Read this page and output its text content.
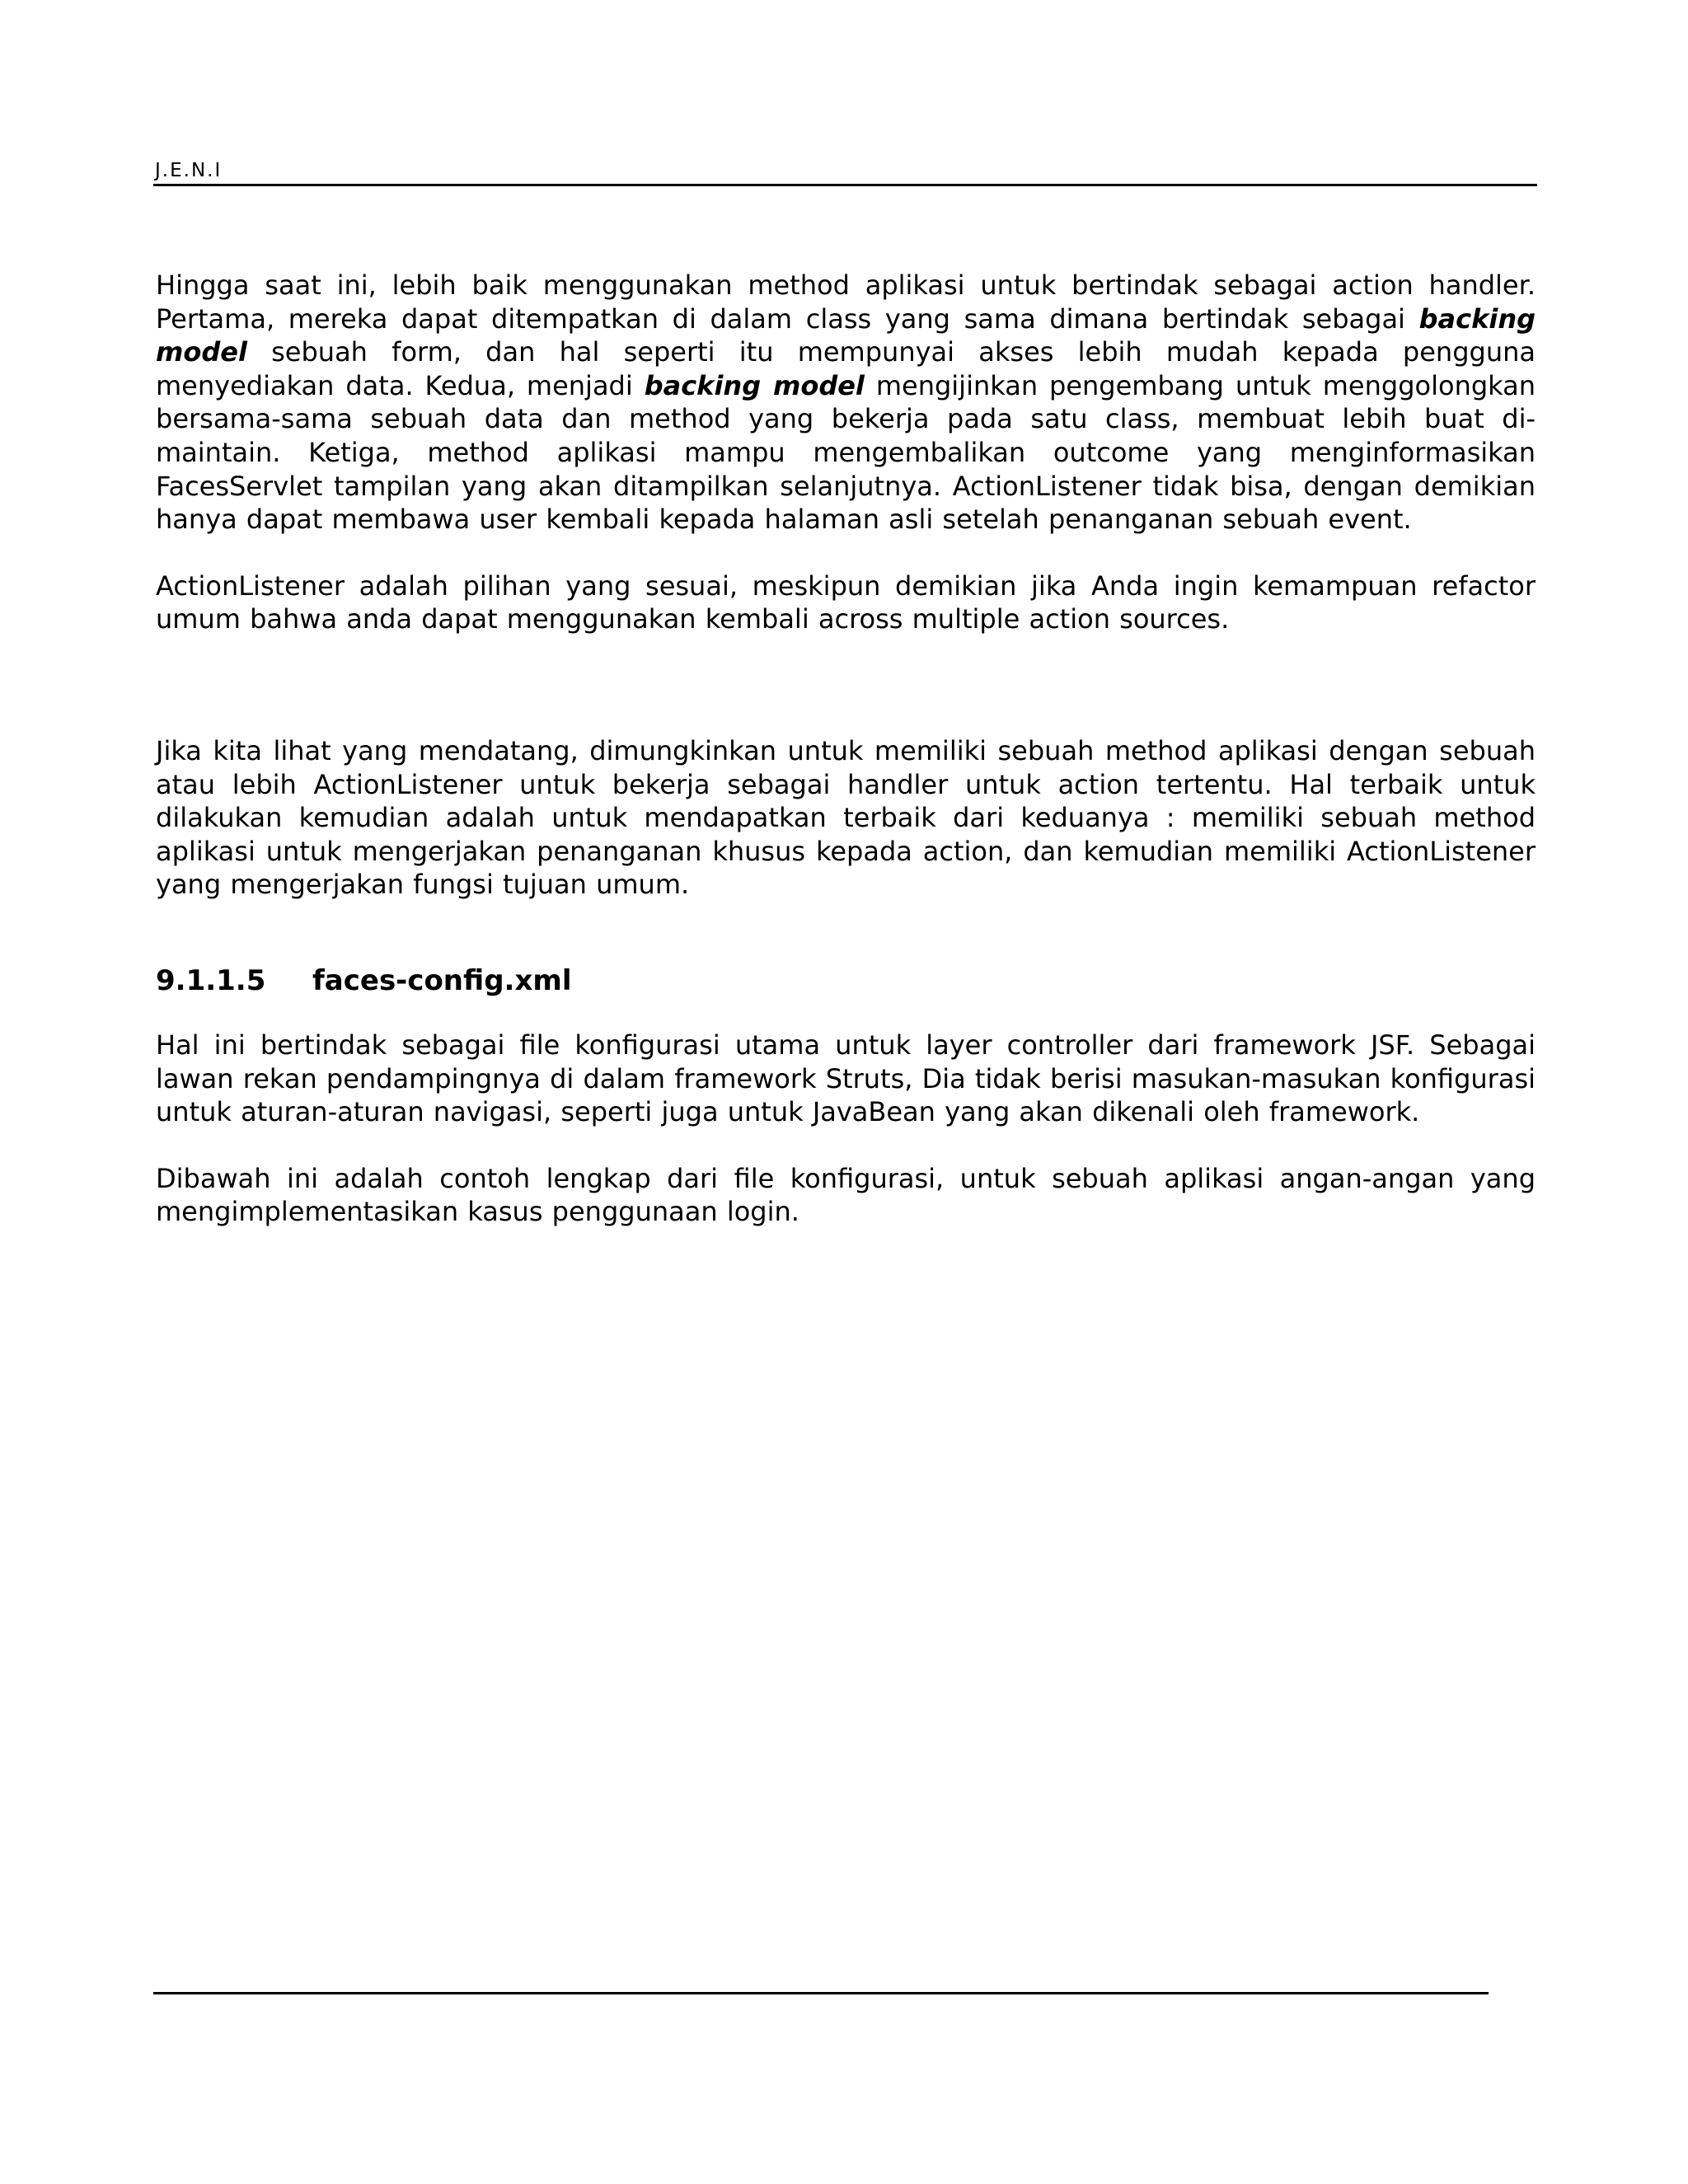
J.E.N.I

Hingga saat ini, lebih baik menggunakan method aplikasi untuk bertindak sebagai action handler. Pertama, mereka dapat ditempatkan di dalam class yang sama dimana bertindak sebagai backing model sebuah form, dan hal seperti itu mempunyai akses lebih mudah kepada pengguna menyediakan data. Kedua, menjadi backing model mengijinkan pengembang untuk menggolongkan bersama-sama sebuah data dan method yang bekerja pada satu class, membuat lebih buat di-maintain. Ketiga, method aplikasi mampu mengembalikan outcome yang menginformasikan FacesServlet tampilan yang akan ditampilkan selanjutnya. ActionListener tidak bisa, dengan demikian hanya dapat membawa user kembali kepada halaman asli setelah penanganan sebuah event.

ActionListener adalah pilihan yang sesuai, meskipun demikian jika Anda ingin kemampuan refactor umum bahwa anda dapat menggunakan kembali across multiple action sources.

Jika kita lihat yang mendatang, dimungkinkan untuk memiliki sebuah method aplikasi dengan sebuah atau lebih ActionListener untuk bekerja sebagai handler untuk action tertentu. Hal terbaik untuk dilakukan kemudian adalah untuk mendapatkan terbaik dari keduanya : memiliki sebuah method aplikasi untuk mengerjakan penanganan khusus kepada action, dan kemudian memiliki ActionListener yang mengerjakan fungsi tujuan umum.

9.1.1.5	faces-config.xml

Hal ini bertindak sebagai file konfigurasi utama untuk layer controller dari framework JSF. Sebagai lawan rekan pendampingnya di dalam framework Struts, Dia tidak berisi masukan-masukan konfigurasi untuk aturan-aturan navigasi, seperti juga untuk JavaBean yang akan dikenali oleh framework.

Dibawah ini adalah contoh lengkap dari file konfigurasi, untuk sebuah aplikasi angan-angan yang mengimplementasikan kasus penggunaan login.
